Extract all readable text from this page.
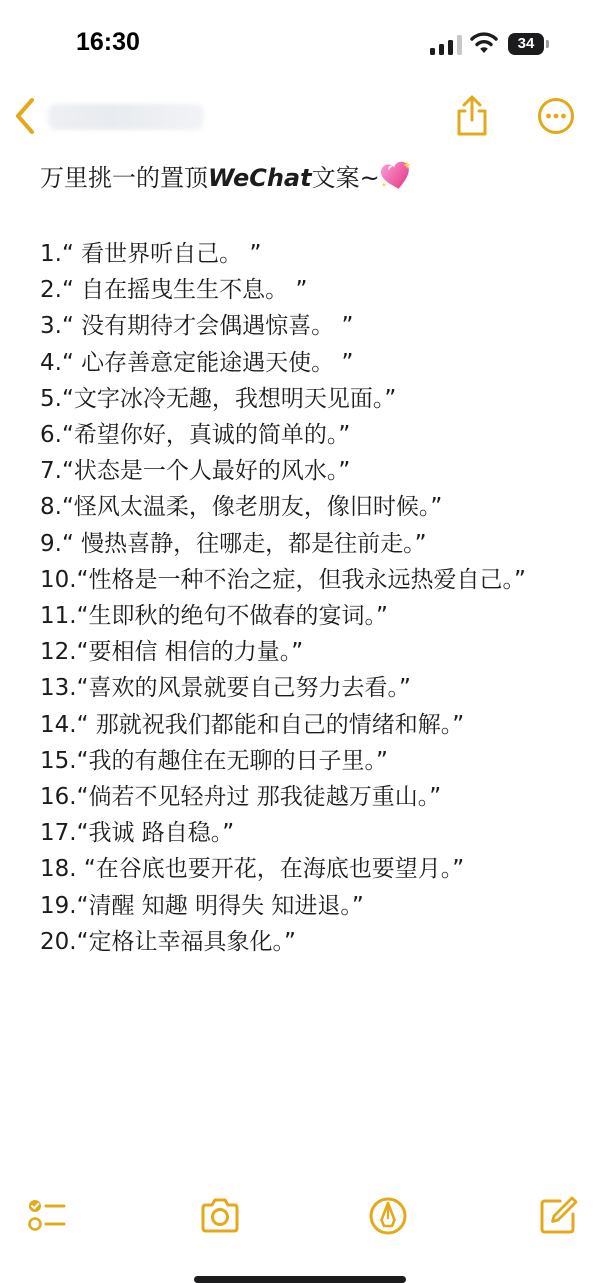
16:30	34
万里挑一的置顶WeChat文案~
1.“ 看世界听自己。 ”
2.“ 自在摇曳生生不息。 ”
3.“ 没有期待才会偶遇惊喜。 ”
4.“ 心存善意定能途遇天使。 ”
5.“文字冰冷无趣，我想明天见面。”
6.“希望你好，真诚的简单的。”
7.“状态是一个人最好的风水。”
8.“怪风太温柔，像老朋友，像旧时候。”
9.“ 慢热喜静，往哪走，都是往前走。”
10.“性格是一种不治之症，但我永远热爱自己。”
11.“生即秋的绝句不做春的宴词。”
12.“要相信 相信的力量。”
13.“喜欢的风景就要自己努力去看。”
14.“ 那就祝我们都能和自己的情绪和解。”
15.“我的有趣住在无聊的日子里。”
16.“倘若不见轻舟过 那我徒越万重山。”
17.“我诚 路自稳。”
18. “在谷底也要开花，在海底也要望月。”
19.“清醒 知趣 明得失 知进退。”
20.“定格让幸福具象化。”
